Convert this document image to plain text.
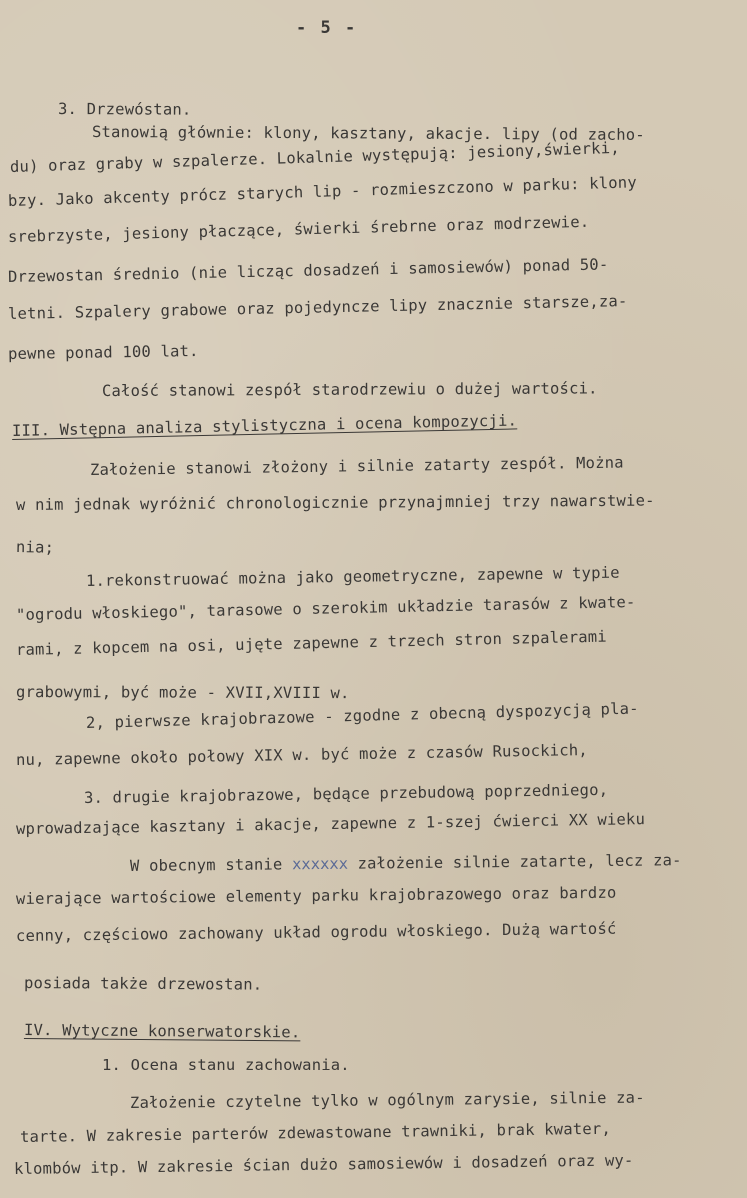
- 5 -
3. Drzewóstan.
Stanowią głównie: klony, kasztany, akacje. lipy (od zacho-
du) oraz graby w szpalerze. Lokalnie występują: jesiony,świerki,
bzy. Jako akcenty prócz starych lip - rozmieszczono w parku: klony
srebrzyste, jesiony płaczące, świerki śrebrne oraz modrzewie.
Drzewostan średnio (nie licząc dosadzeń i samosiewów) ponad 50-
letni. Szpalery grabowe oraz pojedyncze lipy znacznie starsze,za-
pewne ponad 100 lat.
Całość stanowi zespół starodrzewiu o dużej wartości.
III. Wstępna analiza stylistyczna i ocena kompozycji.
Założenie stanowi złożony i silnie zatarty zespół. Można
w nim jednak wyróżnić chronologicznie przynajmniej trzy nawarstwie-
nia;
1.rekonstruować można jako geometryczne, zapewne w typie
"ogrodu włoskiego", tarasowe o szerokim układzie tarasów z kwate-
rami, z kopcem na osi, ujęte zapewne z trzech stron szpalerami
grabowymi, być może - XVII,XVIII w.
2, pierwsze krajobrazowe - zgodne z obecną dyspozycją pla-
nu, zapewne około połowy XIX w. być może z czasów Rusockich,
3. drugie krajobrazowe, będące przebudową poprzedniego,
wprowadzające kasztany i akacje, zapewne z 1-szej ćwierci XX wieku
W obecnym stanie xxxxxx założenie silnie zatarte, lecz za-
wierające wartościowe elementy parku krajobrazowego oraz bardzo
cenny, częściowo zachowany układ ogrodu włoskiego. Dużą wartość
posiada także drzewostan.
IV. Wytyczne konserwatorskie.
1. Ocena stanu zachowania.
Założenie czytelne tylko w ogólnym zarysie, silnie za-
tarte. W zakresie parterów zdewastowane trawniki, brak kwater,
klombów itp. W zakresie ścian dużo samosiewów i dosadzeń oraz wy-
